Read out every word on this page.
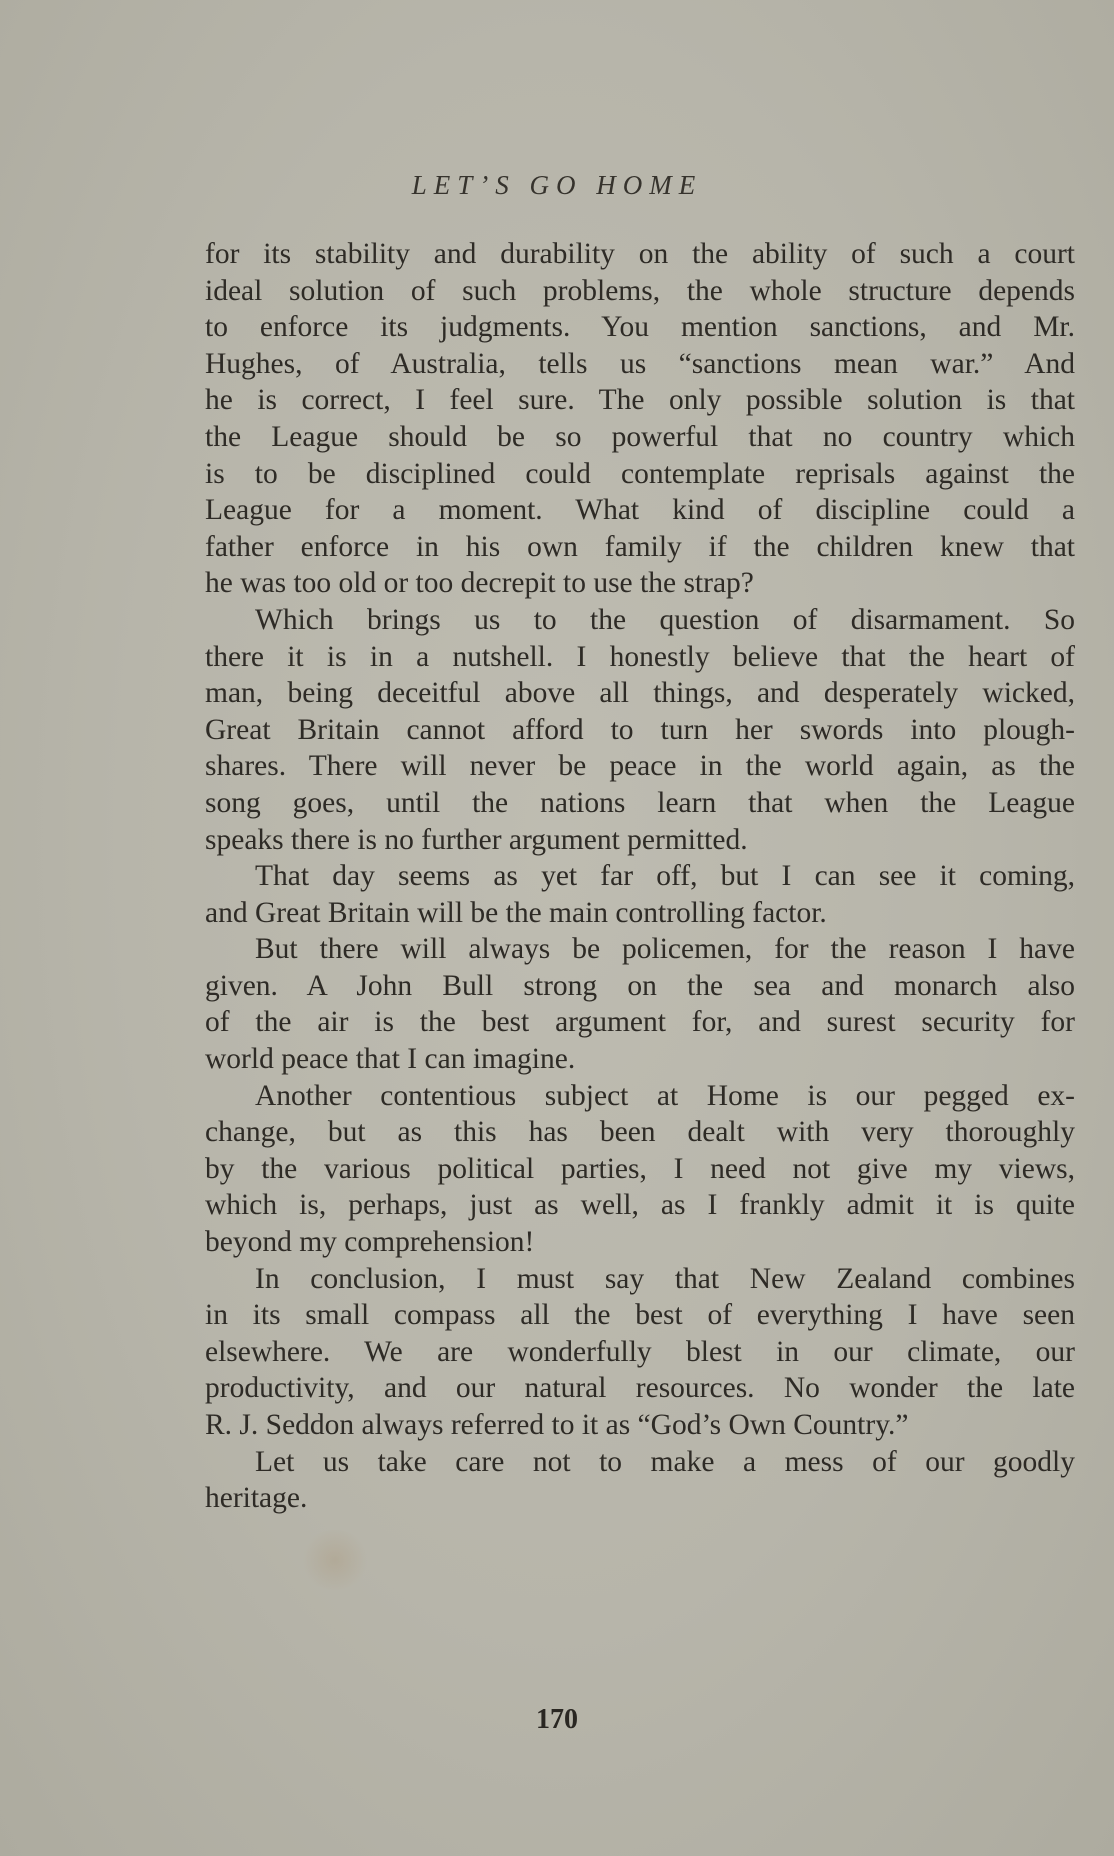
LET’S GO HOME

for its stability and durability on the ability of such a court
ideal solution of such problems, the whole structure depends
to enforce its judgments. You mention sanctions, and Mr.
Hughes, of Australia, tells us “sanctions mean war.” And
he is correct, I feel sure. The only possible solution is that
the League should be so powerful that no country which
is to be disciplined could contemplate reprisals against the
League for a moment. What kind of discipline could a
father enforce in his own family if the children knew that
he was too old or too decrepit to use the strap?

Which brings us to the question of disarmament. So
there it is in a nutshell. I honestly believe that the heart of
man, being deceitful above all things, and desperately wicked,
Great Britain cannot afford to turn her swords into plough-
shares. There will never be peace in the world again, as the
song goes, until the nations learn that when the League
speaks there is no further argument permitted.

That day seems as yet far off, but I can see it coming,
and Great Britain will be the main controlling factor.

But there will always be policemen, for the reason I have
given. A John Bull strong on the sea and monarch also
of the air is the best argument for, and surest security for
world peace that I can imagine.

Another contentious subject at Home is our pegged ex-
change, but as this has been dealt with very thoroughly
by the various political parties, I need not give my views,
which is, perhaps, just as well, as I frankly admit it is quite
beyond my comprehension!

In conclusion, I must say that New Zealand combines
in its small compass all the best of everything I have seen
elsewhere. We are wonderfully blest in our climate, our
productivity, and our natural resources. No wonder the late
R. J. Seddon always referred to it as “God’s Own Country.”

Let us take care not to make a mess of our goodly
heritage.

170
